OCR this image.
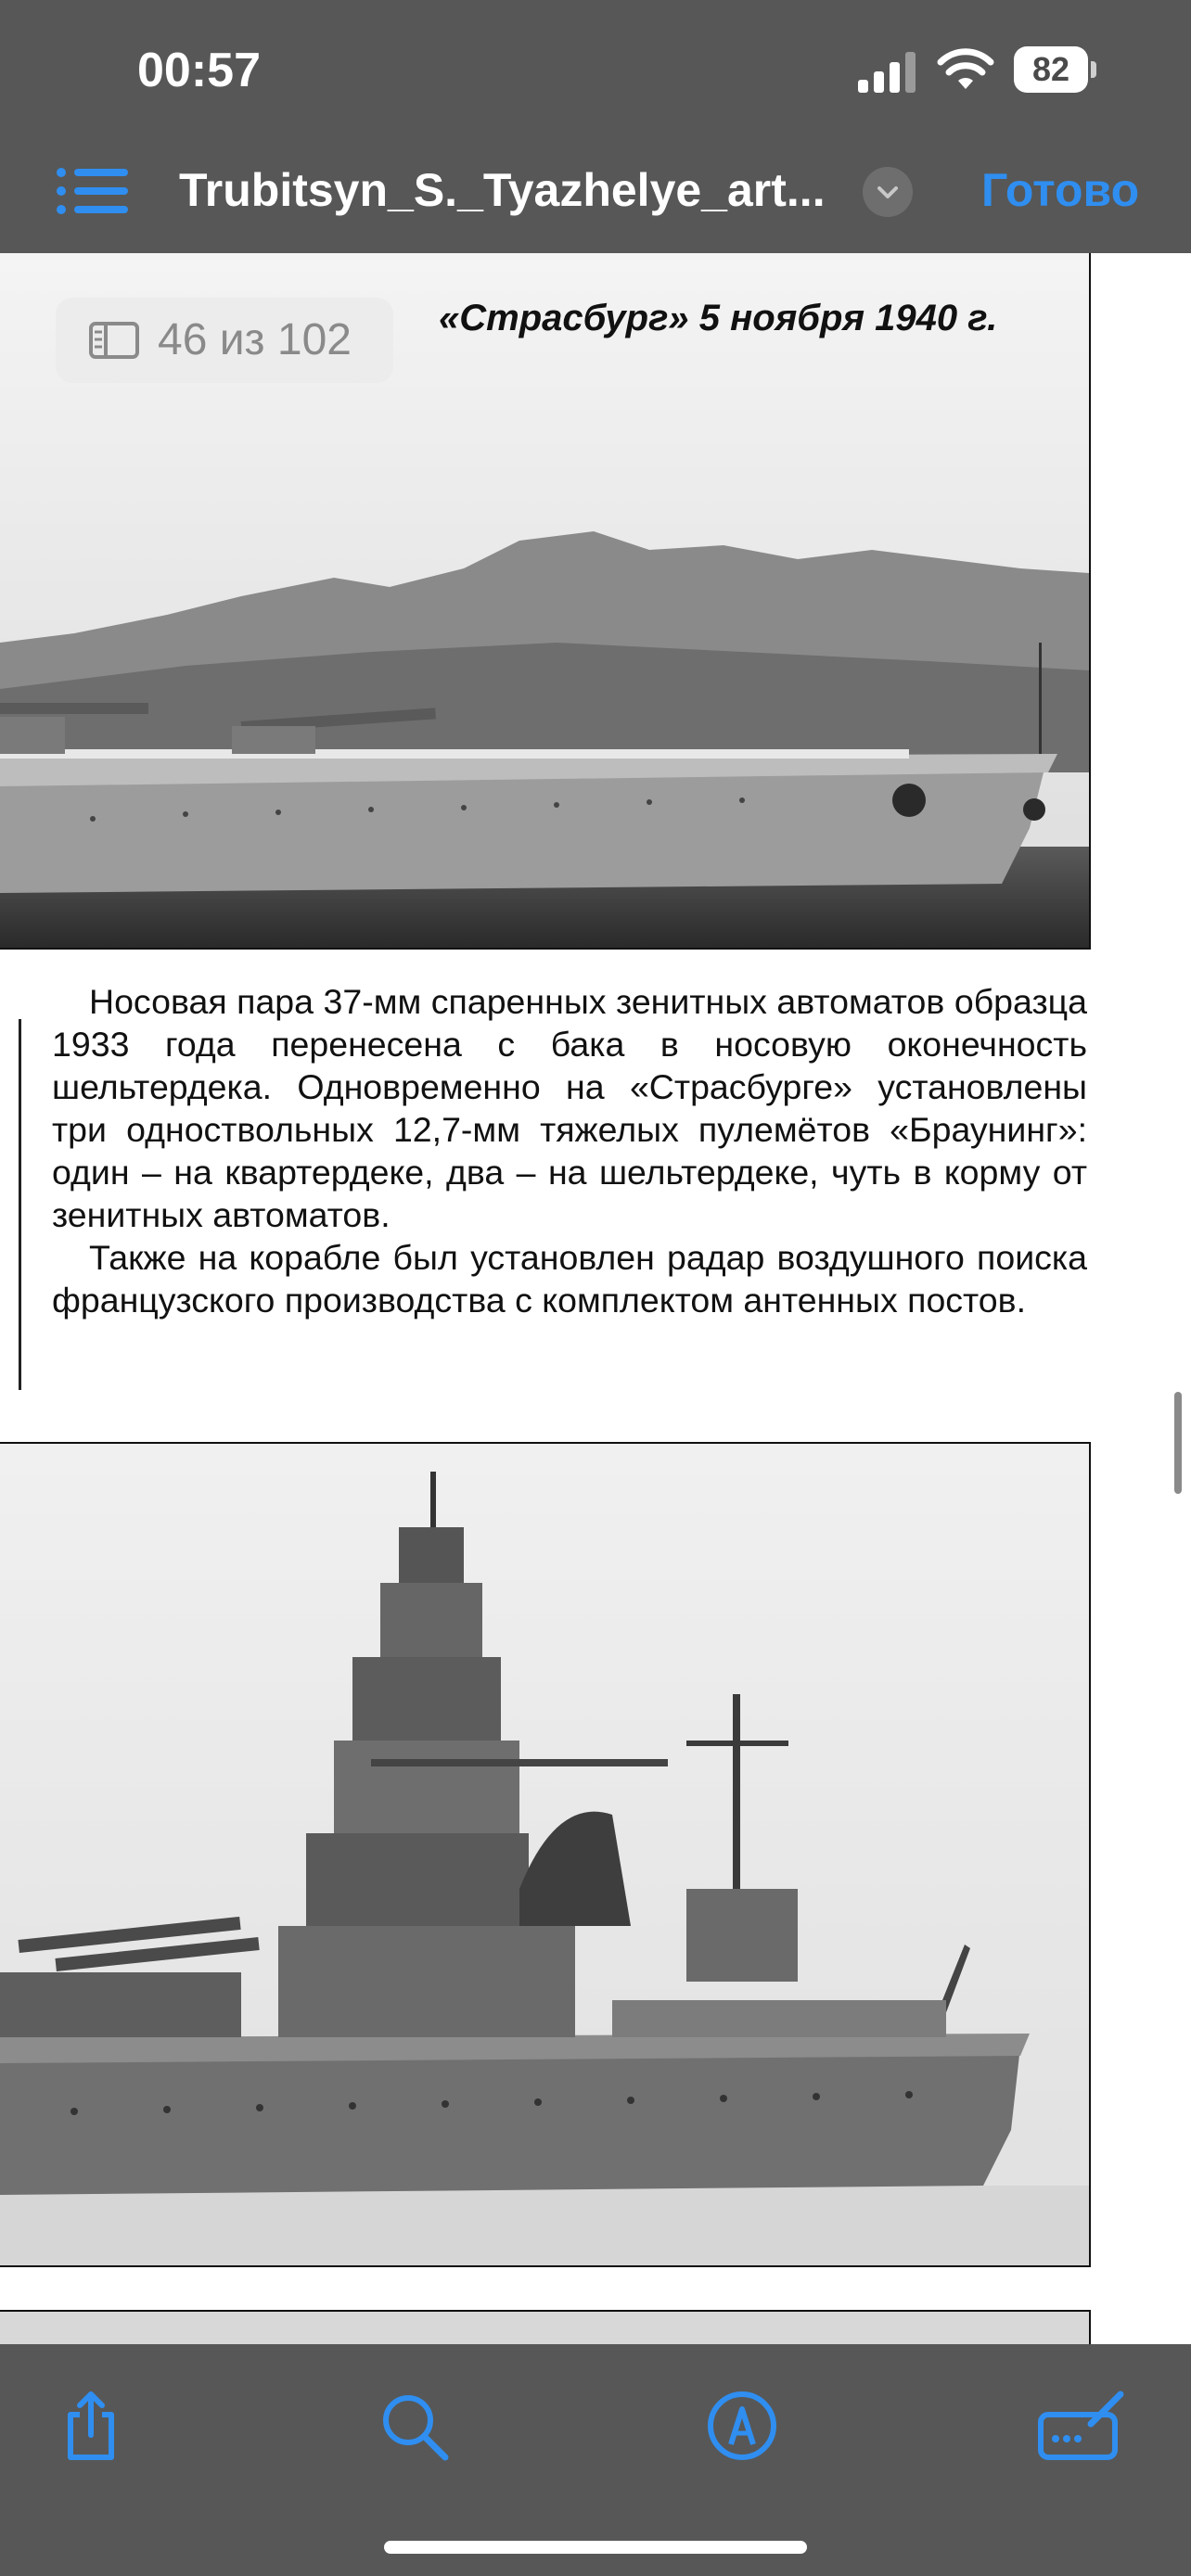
00:57	82
Trubitsyn_S._Tyazhelye_art...	Готово
«Страсбург» 5 ноября 1940 г.
46 из 102

Носовая пара 37-мм спаренных зенитных автоматов образца 1933 года перенесена с бака в носовую оконечность шельтердека. Одновременно на «Страсбурге» установлены три одноствольных 12,7-мм тяжелых пулемётов «Браунинг»: один – на квартердеке, два – на шельтердеке, чуть в корму от зенитных автоматов.

Также на корабле был установлен радар воздушного поиска французского производства с комплектом антенных постов.
